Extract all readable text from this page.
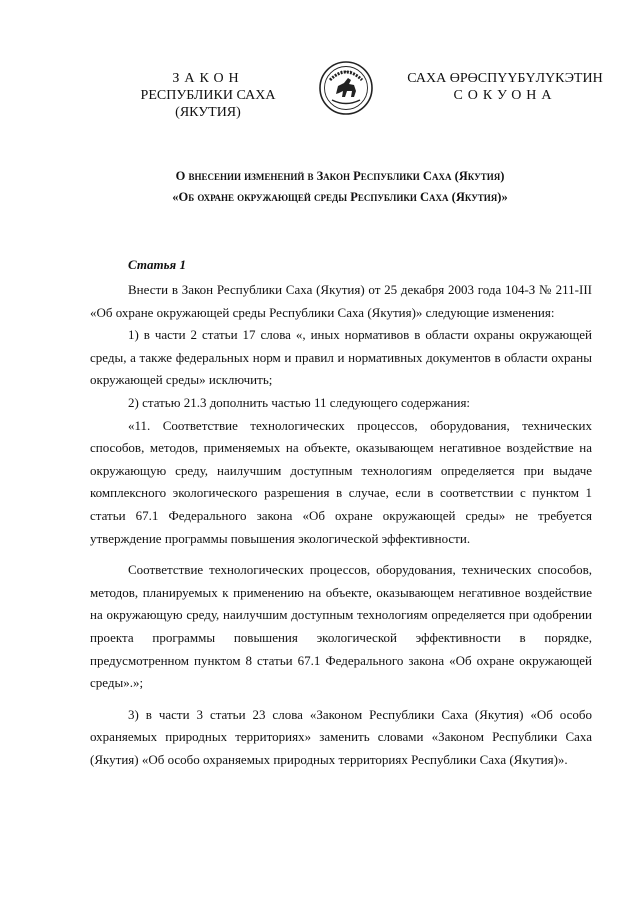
ЗАКОН
РЕСПУБЛИКИ САХА (ЯКУТИЯ)
✦ ✦ ✦	САХА ӨРӨСПҮҮБҮЛҮКЭТИН
СОКУОНА
О внесении изменений в Закон Республики Саха (Якутия)
«Об охране окружающей среды Республики Саха (Якутия)»
Статья 1

Внести в Закон Республики Саха (Якутия) от 25 декабря 2003 года 104-З № 211-III «Об охране окружающей среды Республики Саха (Якутия)» следующие изменения:

1) в части 2 статьи 17 слова «, иных нормативов в области охраны окружающей среды, а также федеральных норм и правил и нормативных документов в области охраны окружающей среды» исключить;

2) статью 21.3 дополнить частью 11 следующего содержания:

«11. Соответствие технологических процессов, оборудования, технических способов, методов, применяемых на объекте, оказывающем негативное воздействие на окружающую среду, наилучшим доступным технологиям определяется при выдаче комплексного экологического разрешения в случае, если в соответствии с пунктом 1 статьи 67.1 Федерального закона «Об охране окружающей среды» не требуется утверждение программы повышения экологической эффективности.

Соответствие технологических процессов, оборудования, технических способов, методов, планируемых к применению на объекте, оказывающем негативное воздействие на окружающую среду, наилучшим доступным технологиям определяется при одобрении проекта программы повышения экологической эффективности в порядке, предусмотренном пунктом 8 статьи 67.1 Федерального закона «Об охране окружающей среды».»;

3) в части 3 статьи 23 слова «Законом Республики Саха (Якутия) «Об особо охраняемых природных территориях» заменить словами «Законом Республики Саха (Якутия) «Об особо охраняемых природных территориях Республики Саха (Якутия)».
